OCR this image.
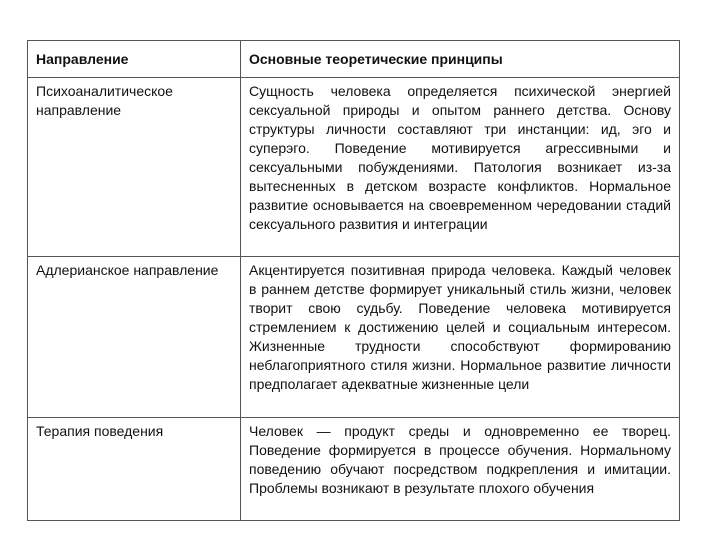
Направление	Основные теоретические принципы
Психоаналитическое направление	Сущность человека определяется психической энергией сексуальной природы и опытом раннего детства. Основу структуры личности составляют три инстанции: ид, эго и суперэго. Поведение мотивируется агрессивными и сексуальными побуждениями. Патология возникает из-за вытесненных в детском возрасте конфликтов. Нормальное развитие основывается на своевременном чередовании стадий сексуального развития и интеграции
Адлерианское направление	Акцентируется позитивная природа человека. Каждый человек в раннем детстве формирует уникальный стиль жизни, человек творит свою судьбу. Поведение человека мотивируется стремлением к достижению целей и социальным интересом. Жизненные трудности способствуют формированию неблагоприятного стиля жизни. Нормальное развитие личности предполагает адекватные жизненные цели
Терапия поведения	Человек — продукт среды и одновременно ее творец. Поведение формируется в процессе обучения. Нормальному поведению обучают посредством подкрепления и имитации. Проблемы возникают в результате плохого обучения
